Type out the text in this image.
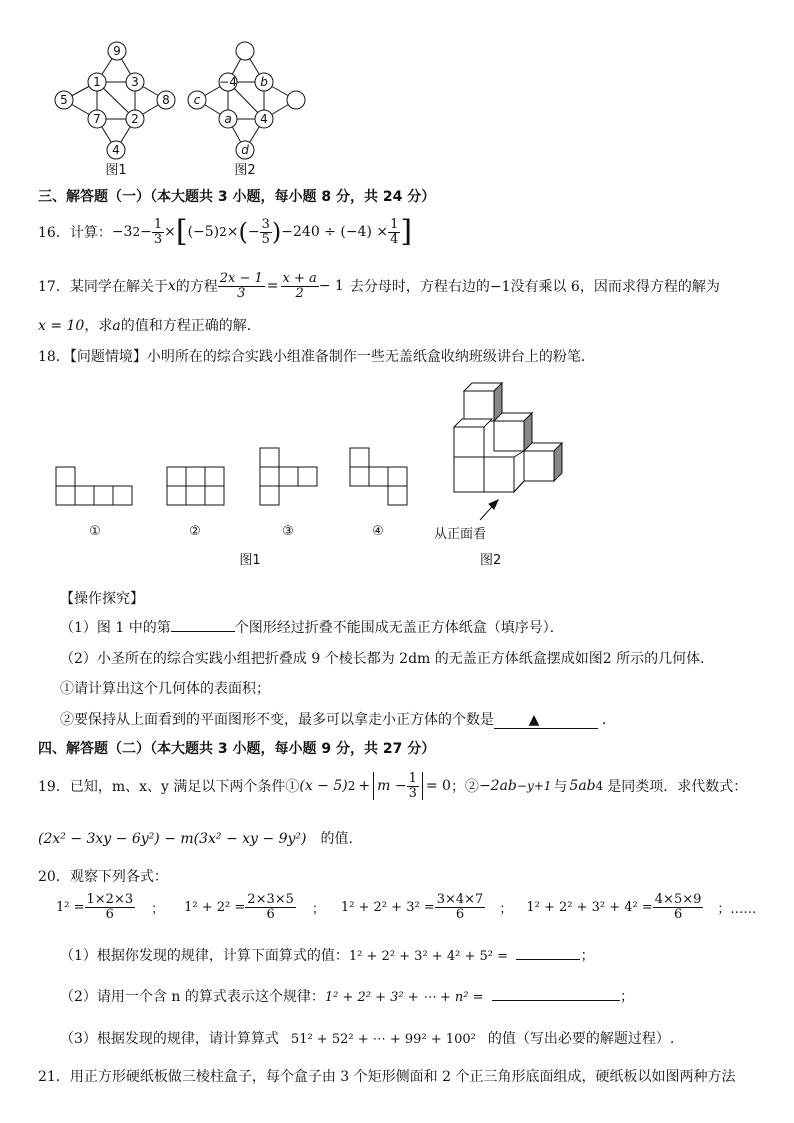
9
1	3
5	8
7	2
4
−4 b
c
a 4
d
图1	图2
三、解答题（一）（本大题共 3 小题，每小题 8 分，共 24 分）
16． 计算： −3 $2 - \frac{1}{3}$ × [ (−5) 2 × ( − $\frac{3}{5}$ ) $-240 \div (-4) \times \frac{1}{4}$ ]
17． 某同学在解关于 x 的方程 $\frac{2x - 1}{3} = \frac{x + a}{2} - 1$ 去分母时，方程右边的−1没有乘以 6，因而求得方程的解为
x = 10，求a的值和方程正确的解．
18．【问题情境】小明所在的综合实践小组准备制作一些无盖纸盒收纳班级讲台上的粉笔．
①	②	③	④
图1
从正面看
图2
【操作探究】
（1）图 1 中的第	个图形经过折叠不能围成无盖正方体纸盒（填序号）．
（2）小圣所在的综合实践小组把折叠成 9 个棱长都为 2dm 的无盖正方体纸盒摆成如图2 所示的几何体．
①请计算出这个几何体的表面积；
②要保持从上面看到的平面图形不变，最多可以拿走小正方体的个数是 ▲	．
四、解答题（二）（本大题共 3 小题，每小题 9 分，共 27 分）
19． 已知，m、x、y 满足以下两个条件① (x − 5) $2 + m - \frac{1}{3} = 0$ ；② −2ab −y+1 与 5ab 4 是同类项．求代数式：
(2x² − 3xy − 6y²) − m(3x² − xy − 9y²) 的值.
20．观察下列各式：
$1^2 = \frac{1\times 2\times 3}{6}$ ； $1^2 + 2^2 = \frac{2\times 3\times 5}{6}$ ； $1^2 + 2^2 + 3^2 = \frac{3\times 4\times 7}{6}$ ； $1^2 + 2^2 + 3^2 + 4^2 = \frac{4\times 5\times 9}{6}$ ；……
（1）根据你发现的规律，计算下面算式的值：1² + 2² + 3² + 4² + 5² =	；
（2）请用一个含 n 的算式表示这个规律：1² + 2² + 3² + ⋯ + n² =	；
（3）根据发现的规律，请计算算式 51² + 52² + ⋯ + 99² + 100² 的值（写出必要的解题过程）.
21．用正方形硬纸板做三棱柱盒子，每个盒子由 3 个矩形侧面和 2 个正三角形底面组成，硬纸板以如图两种方法
